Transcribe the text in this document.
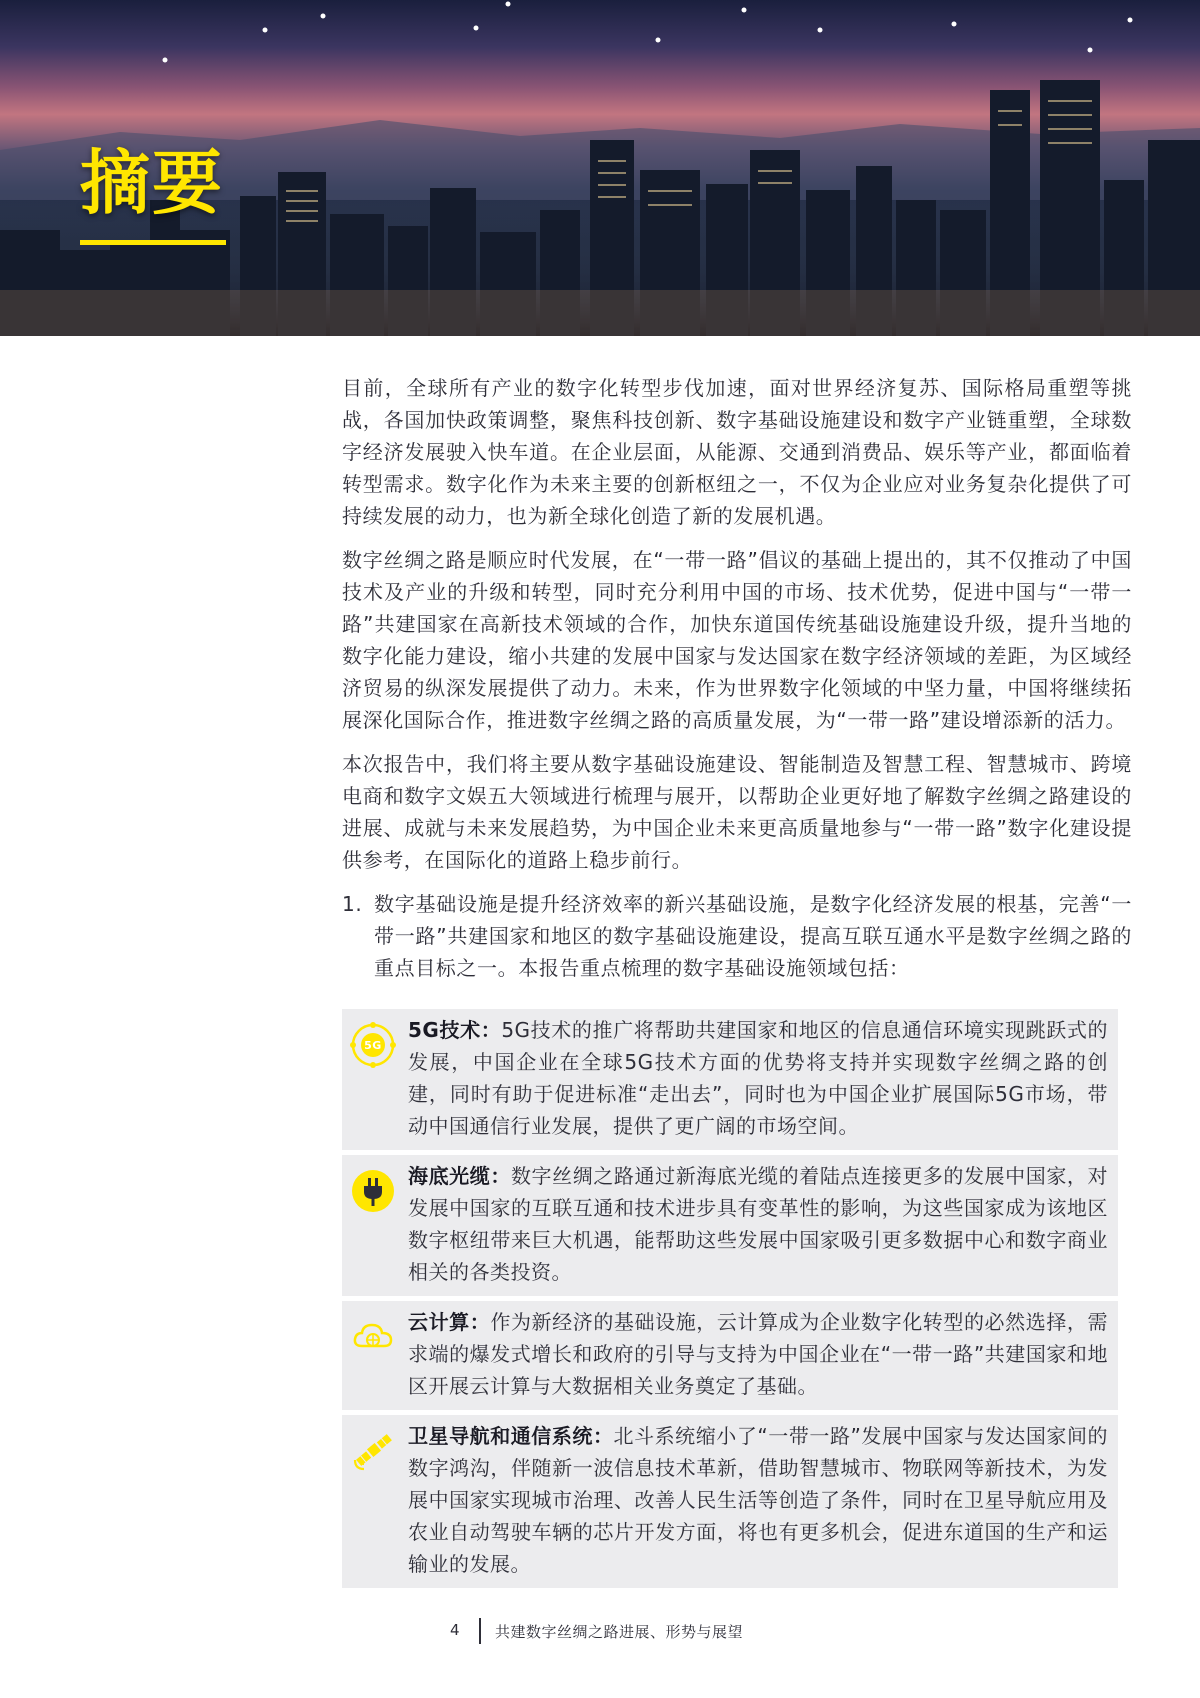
摘要

目前，全球所有产业的数字化转型步伐加速，面对世界经济复苏、国际格局重塑等挑战，各国加快政策调整，聚焦科技创新、数字基础设施建设和数字产业链重塑，全球数字经济发展驶入快车道。在企业层面，从能源、交通到消费品、娱乐等产业，都面临着转型需求。数字化作为未来主要的创新枢纽之一，不仅为企业应对业务复杂化提供了可持续发展的动力，也为新全球化创造了新的发展机遇。

数字丝绸之路是顺应时代发展，在“一带一路”倡议的基础上提出的，其不仅推动了中国技术及产业的升级和转型，同时充分利用中国的市场、技术优势，促进中国与“一带一路”共建国家在高新技术领域的合作，加快东道国传统基础设施建设升级，提升当地的数字化能力建设，缩小共建的发展中国家与发达国家在数字经济领域的差距，为区域经济贸易的纵深发展提供了动力。未来，作为世界数字化领域的中坚力量，中国将继续拓展深化国际合作，推进数字丝绸之路的高质量发展，为“一带一路”建设增添新的活力。

本次报告中，我们将主要从数字基础设施建设、智能制造及智慧工程、智慧城市、跨境电商和数字文娱五大领域进行梳理与展开，以帮助企业更好地了解数字丝绸之路建设的进展、成就与未来发展趋势，为中国企业未来更高质量地参与“一带一路”数字化建设提供参考，在国际化的道路上稳步前行。

1. 数字基础设施是提升经济效率的新兴基础设施，是数字化经济发展的根基，完善“一带一路”共建国家和地区的数字基础设施建设，提高互联互通水平是数字丝绸之路的重点目标之一。本报告重点梳理的数字基础设施领域包括：
5G
5G技术：5G技术的推广将帮助共建国家和地区的信息通信环境实现跳跃式的发展，中国企业在全球5G技术方面的优势将支持并实现数字丝绸之路的创建，同时有助于促进标准“走出去”，同时也为中国企业扩展国际5G市场，带动中国通信行业发展，提供了更广阔的市场空间。
海底光缆：数字丝绸之路通过新海底光缆的着陆点连接更多的发展中国家，对发展中国家的互联互通和技术进步具有变革性的影响，为这些国家成为该地区数字枢纽带来巨大机遇，能帮助这些发展中国家吸引更多数据中心和数字商业相关的各类投资。
云计算：作为新经济的基础设施，云计算成为企业数字化转型的必然选择，需求端的爆发式增长和政府的引导与支持为中国企业在“一带一路”共建国家和地区开展云计算与大数据相关业务奠定了基础。
卫星导航和通信系统：北斗系统缩小了“一带一路”发展中国家与发达国家间的数字鸿沟，伴随新一波信息技术革新，借助智慧城市、物联网等新技术，为发展中国家实现城市治理、改善人民生活等创造了条件，同时在卫星导航应用及农业自动驾驶车辆的芯片开发方面，将也有更多机会，促进东道国的生产和运输业的发展。
4 共建数字丝绸之路进展、形势与展望
